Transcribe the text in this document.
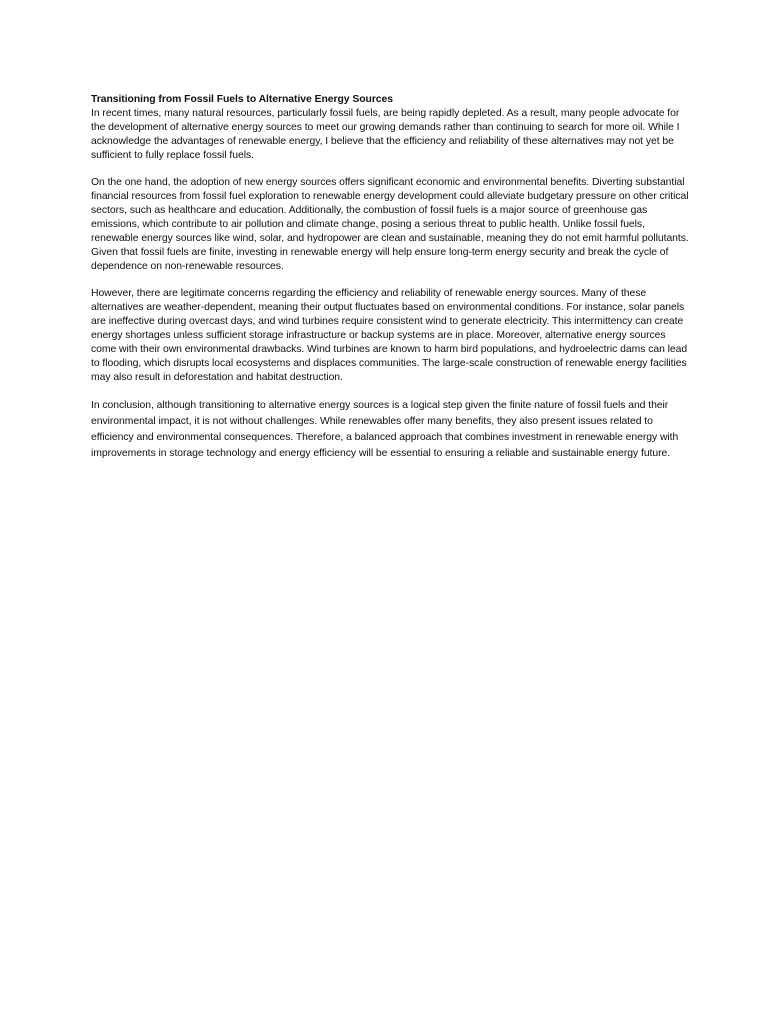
Transitioning from Fossil Fuels to Alternative Energy Sources

In recent times, many natural resources, particularly fossil fuels, are being rapidly depleted. As a result, many people advocate for the development of alternative energy sources to meet our growing demands rather than continuing to search for more oil. While I acknowledge the advantages of renewable energy, I believe that the efficiency and reliability of these alternatives may not yet be sufficient to fully replace fossil fuels.

On the one hand, the adoption of new energy sources offers significant economic and environmental benefits. Diverting substantial financial resources from fossil fuel exploration to renewable energy development could alleviate budgetary pressure on other critical sectors, such as healthcare and education. Additionally, the combustion of fossil fuels is a major source of greenhouse gas emissions, which contribute to air pollution and climate change, posing a serious threat to public health. Unlike fossil fuels, renewable energy sources like wind, solar, and hydropower are clean and sustainable, meaning they do not emit harmful pollutants. Given that fossil fuels are finite, investing in renewable energy will help ensure long-term energy security and break the cycle of dependence on non-renewable resources.

However, there are legitimate concerns regarding the efficiency and reliability of renewable energy sources. Many of these alternatives are weather-dependent, meaning their output fluctuates based on environmental conditions. For instance, solar panels are ineffective during overcast days, and wind turbines require consistent wind to generate electricity. This intermittency can create energy shortages unless sufficient storage infrastructure or backup systems are in place. Moreover, alternative energy sources come with their own environmental drawbacks. Wind turbines are known to harm bird populations, and hydroelectric dams can lead to flooding, which disrupts local ecosystems and displaces communities. The large-scale construction of renewable energy facilities may also result in deforestation and habitat destruction.

In conclusion, although transitioning to alternative energy sources is a logical step given the finite nature of fossil fuels and their environmental impact, it is not without challenges. While renewables offer many benefits, they also present issues related to efficiency and environmental consequences. Therefore, a balanced approach that combines investment in renewable energy with improvements in storage technology and energy efficiency will be essential to ensuring a reliable and sustainable energy future.
